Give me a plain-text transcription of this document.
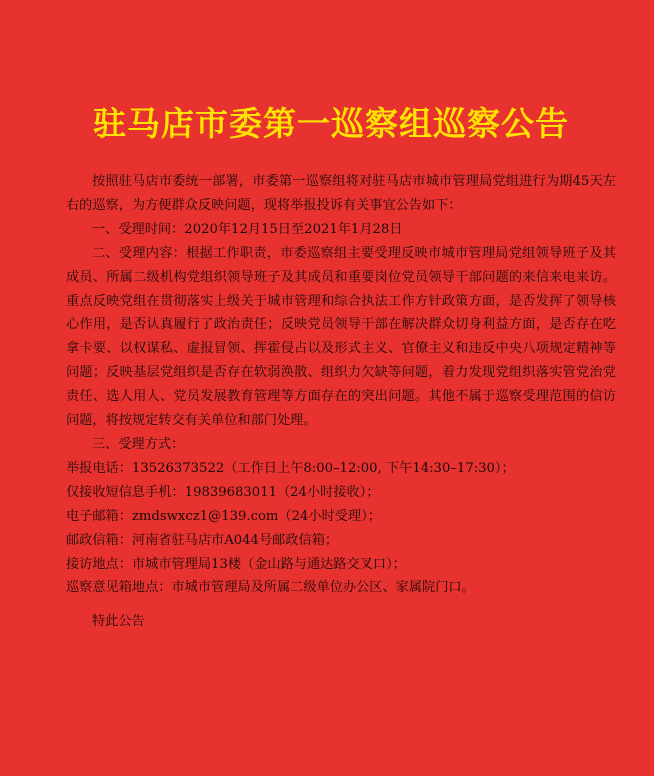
驻马店市委第一巡察组巡察公告

按照驻马店市委统一部署，市委第一巡察组将对驻马店市城市管理局党组进行为期45天左右的巡察，为方便群众反映问题，现将举报投诉有关事宜公告如下：

一、受理时间：2020年12月15日至2021年1月28日

二、受理内容：根据工作职责，市委巡察组主要受理反映市城市管理局党组领导班子及其成员、所属二级机构党组织领导班子及其成员和重要岗位党员领导干部问题的来信来电来访。重点反映党组在贯彻落实上级关于城市管理和综合执法工作方针政策方面，是否发挥了领导核心作用，是否认真履行了政治责任；反映党员领导干部在解决群众切身利益方面，是否存在吃拿卡要、以权谋私、虚报冒领、挥霍侵占以及形式主义、官僚主义和违反中央八项规定精神等问题；反映基层党组织是否存在软弱涣散、组织力欠缺等问题，着力发现党组织落实管党治党责任、选人用人、党员发展教育管理等方面存在的突出问题。其他不属于巡察受理范围的信访问题，将按规定转交有关单位和部门处理。

三、受理方式：

举报电话：13526373522（工作日上午8:00–12:00, 下午14:30–17:30）；

仅接收短信息手机：19839683011（24小时接收）；

电子邮箱：zmdswxcz1@139.com（24小时受理）；

邮政信箱：河南省驻马店市A044号邮政信箱；

接访地点：市城市管理局13楼（金山路与通达路交叉口）；

巡察意见箱地点：市城市管理局及所属二级单位办公区、家属院门口。

特此公告
